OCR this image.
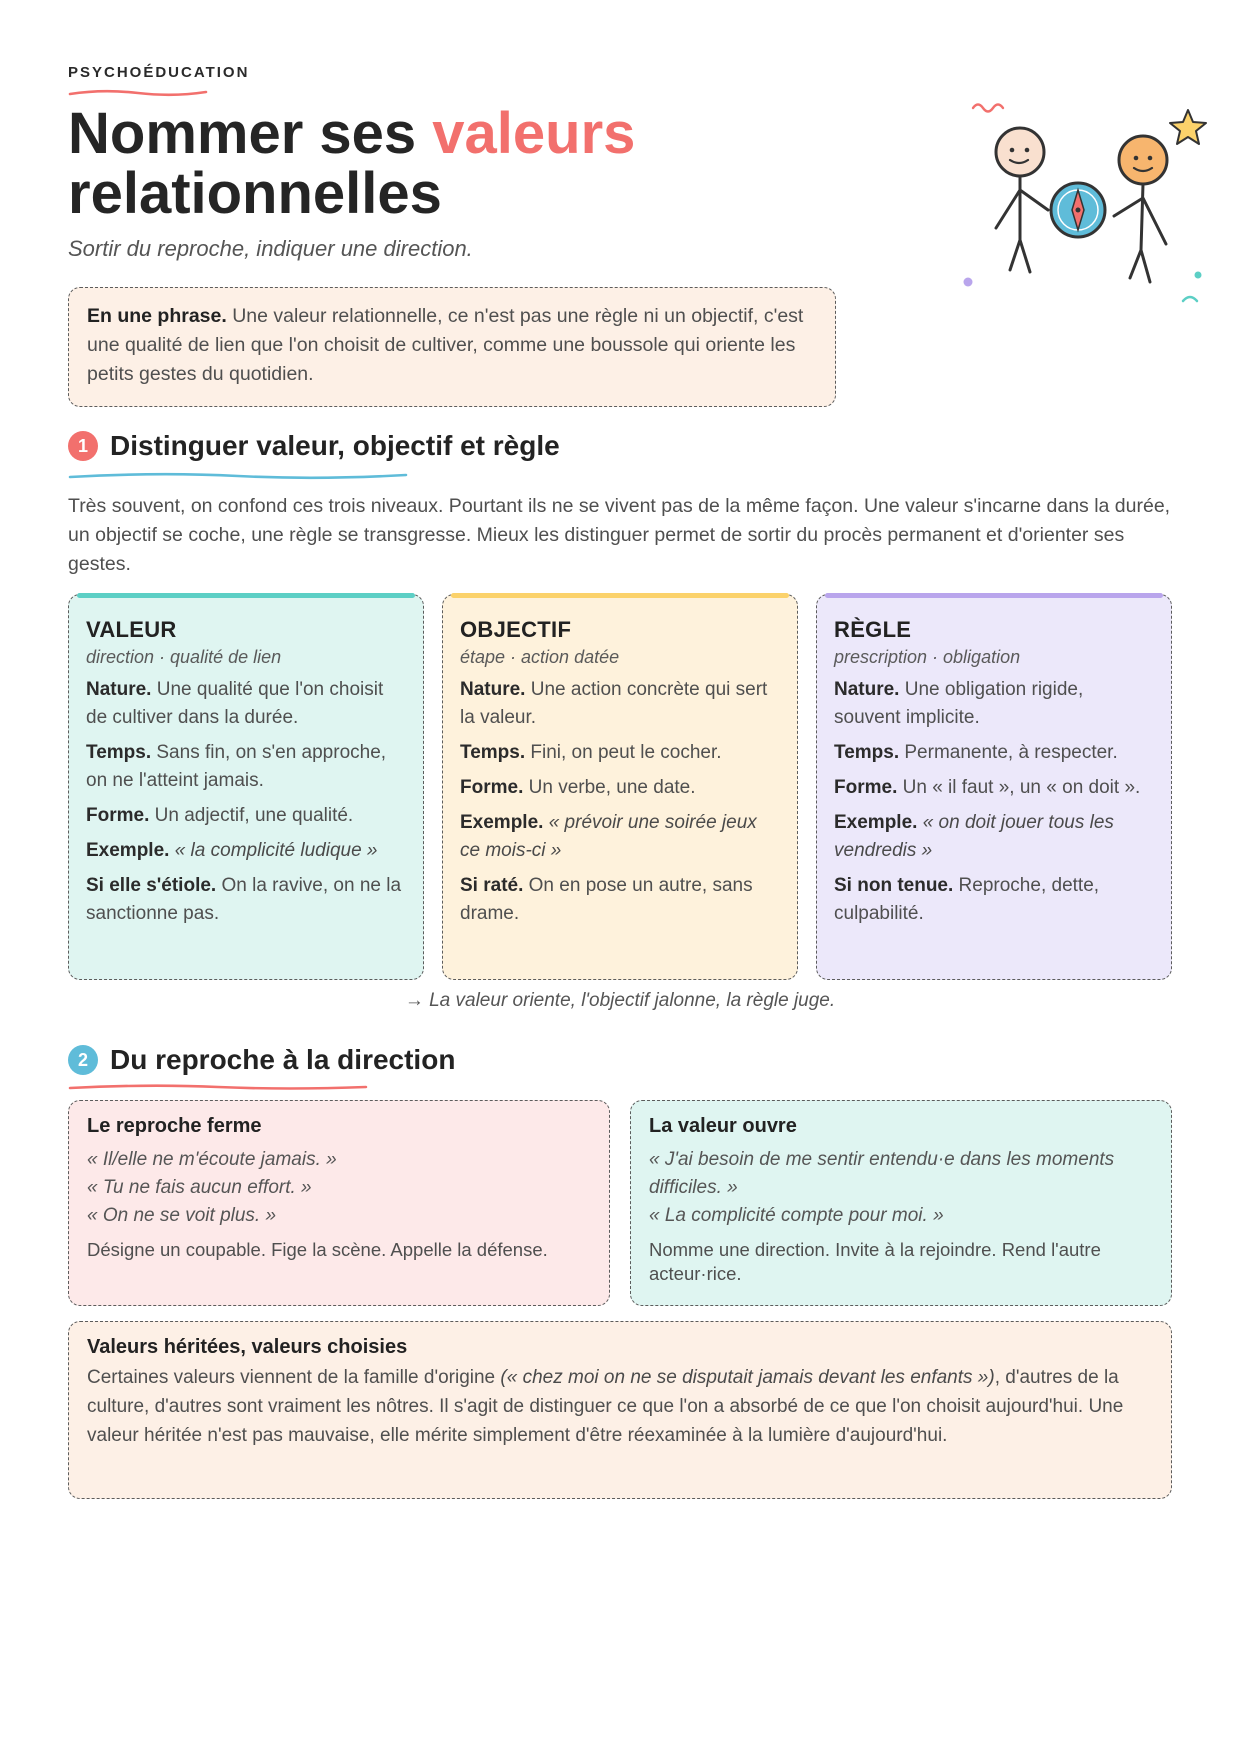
PSYCHOÉDUCATION
Nommer ses valeurs
relationnelles
Sortir du reproche, indiquer une direction.

En une phrase. Une valeur relationnelle, ce n'est pas une règle ni un objectif, c'est une qualité de lien que l'on choisit de cultiver, comme une boussole qui oriente les petits gestes du quotidien.

1 Distinguer valeur, objectif et règle

Très souvent, on confond ces trois niveaux. Pourtant ils ne se vivent pas de la même façon. Une valeur s'incarne dans la durée, un objectif se coche, une règle se transgresse. Mieux les distinguer permet de sortir du procès permanent et d'orienter ses gestes.

VALEUR
direction · qualité de lien

Nature. Une qualité que l'on choisit de cultiver dans la durée.

Temps. Sans fin, on s'en approche, on ne l'atteint jamais.

Forme. Un adjectif, une qualité.

Exemple. « la complicité ludique »

Si elle s'étiole. On la ravive, on ne la sanctionne pas.

OBJECTIF
étape · action datée

Nature. Une action concrète qui sert la valeur.

Temps. Fini, on peut le cocher.

Forme. Un verbe, une date.

Exemple. « prévoir une soirée jeux ce mois-ci »

Si raté. On en pose un autre, sans drame.

RÈGLE
prescription · obligation

Nature. Une obligation rigide, souvent implicite.

Temps. Permanente, à respecter.

Forme. Un « il faut », un « on doit ».

Exemple. « on doit jouer tous les vendredis »

Si non tenue. Reproche, dette, culpabilité.

→ La valeur oriente, l'objectif jalonne, la règle juge.
2 Du reproche à la direction
Le reproche ferme

« Il/elle ne m'écoute jamais. »

« Tu ne fais aucun effort. »

« On ne se voit plus. »

Désigne un coupable. Fige la scène. Appelle la défense.

La valeur ouvre

« J'ai besoin de me sentir entendu·e dans les moments difficiles. »

« La complicité compte pour moi. »

Nomme une direction. Invite à la rejoindre. Rend l'autre acteur·rice.

Valeurs héritées, valeurs choisies

Certaines valeurs viennent de la famille d'origine (« chez moi on ne se disputait jamais devant les enfants »), d'autres de la culture, d'autres sont vraiment les nôtres. Il s'agit de distinguer ce que l'on a absorbé de ce que l'on choisit aujourd'hui. Une valeur héritée n'est pas mauvaise, elle mérite simplement d'être réexaminée à la lumière d'aujourd'hui.
